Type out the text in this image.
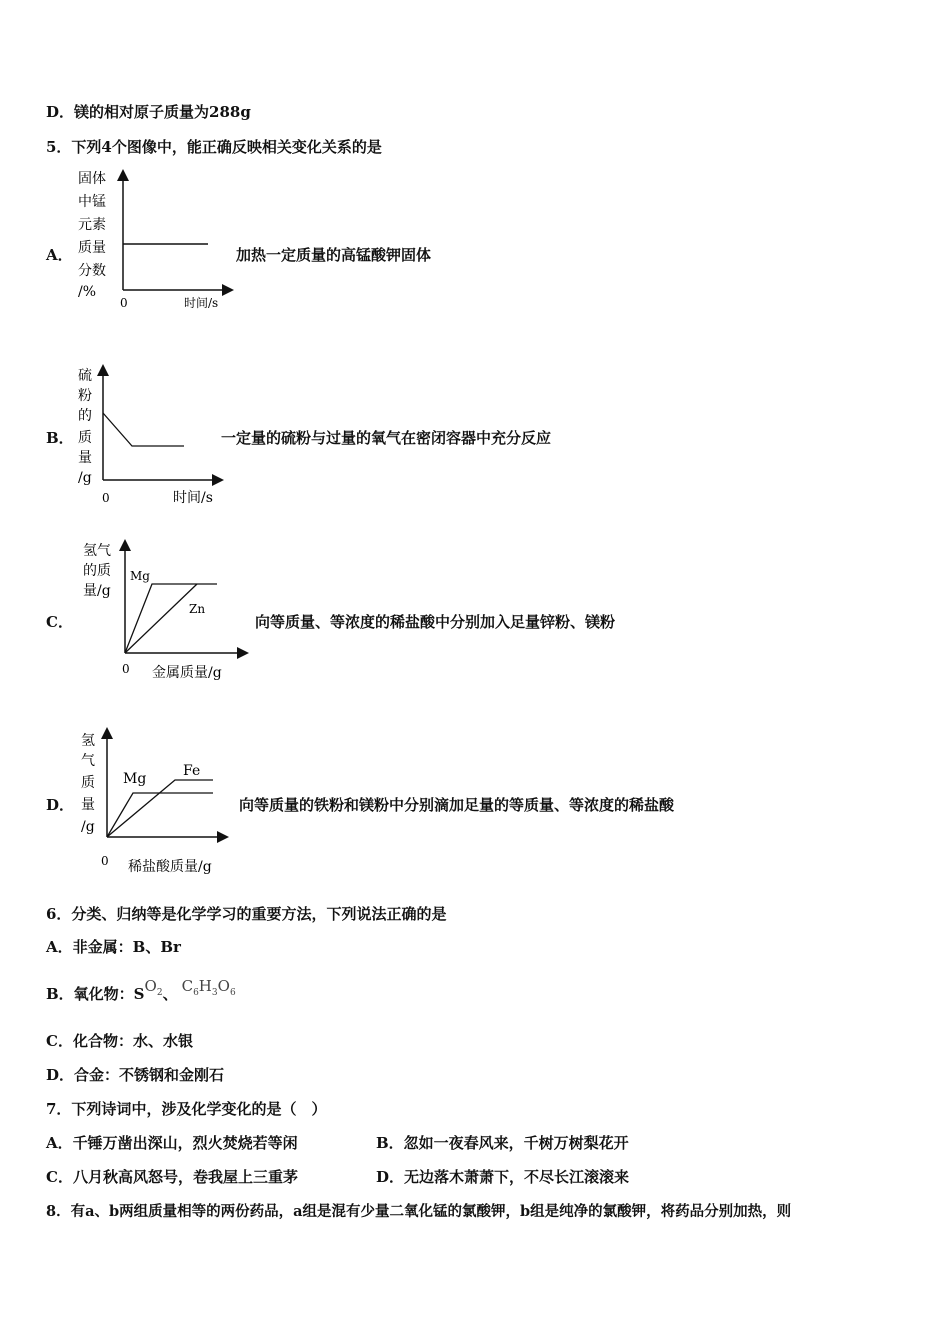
D．镁的相对原子质量为288g
5．下列4个图像中，能正确反映相关变化关系的是
A．
固体
中锰
元素
质量
分数
/%
0	时间/s
加热一定质量的高锰酸钾固体
B．
硫
粉
的
质
量
/g
0	时间/s
一定量的硫粉与过量的氧气在密闭容器中充分反应
C．
氢气
的质
量/g
Mg
Zn
0 金属质量/g
向等质量、等浓度的稀盐酸中分别加入足量锌粉、镁粉
D．
氢
气
质
量
/g
Mg	Fe
0 稀盐酸质量/g
向等质量的铁粉和镁粉中分别滴加足量的等质量、等浓度的稀盐酸
6．分类、归纳等是化学学习的重要方法，下列说法正确的是
A．非金属：B、Br
B．氧化物：$SO_2$、 $C_6H_3O_6$
C．化合物：水、水银
D．合金：不锈钢和金刚石
7．下列诗词中，涉及化学变化的是（　）
A．千锤万凿出深山，烈火焚烧若等闲	B．忽如一夜春风来，千树万树梨花开
C．八月秋高风怒号，卷我屋上三重茅	D．无边落木萧萧下，不尽长江滚滚来
8．有a、b两组质量相等的两份药品，a组是混有少量二氧化锰的氯酸钾，b组是纯净的氯酸钾，将药品分别加热，则
